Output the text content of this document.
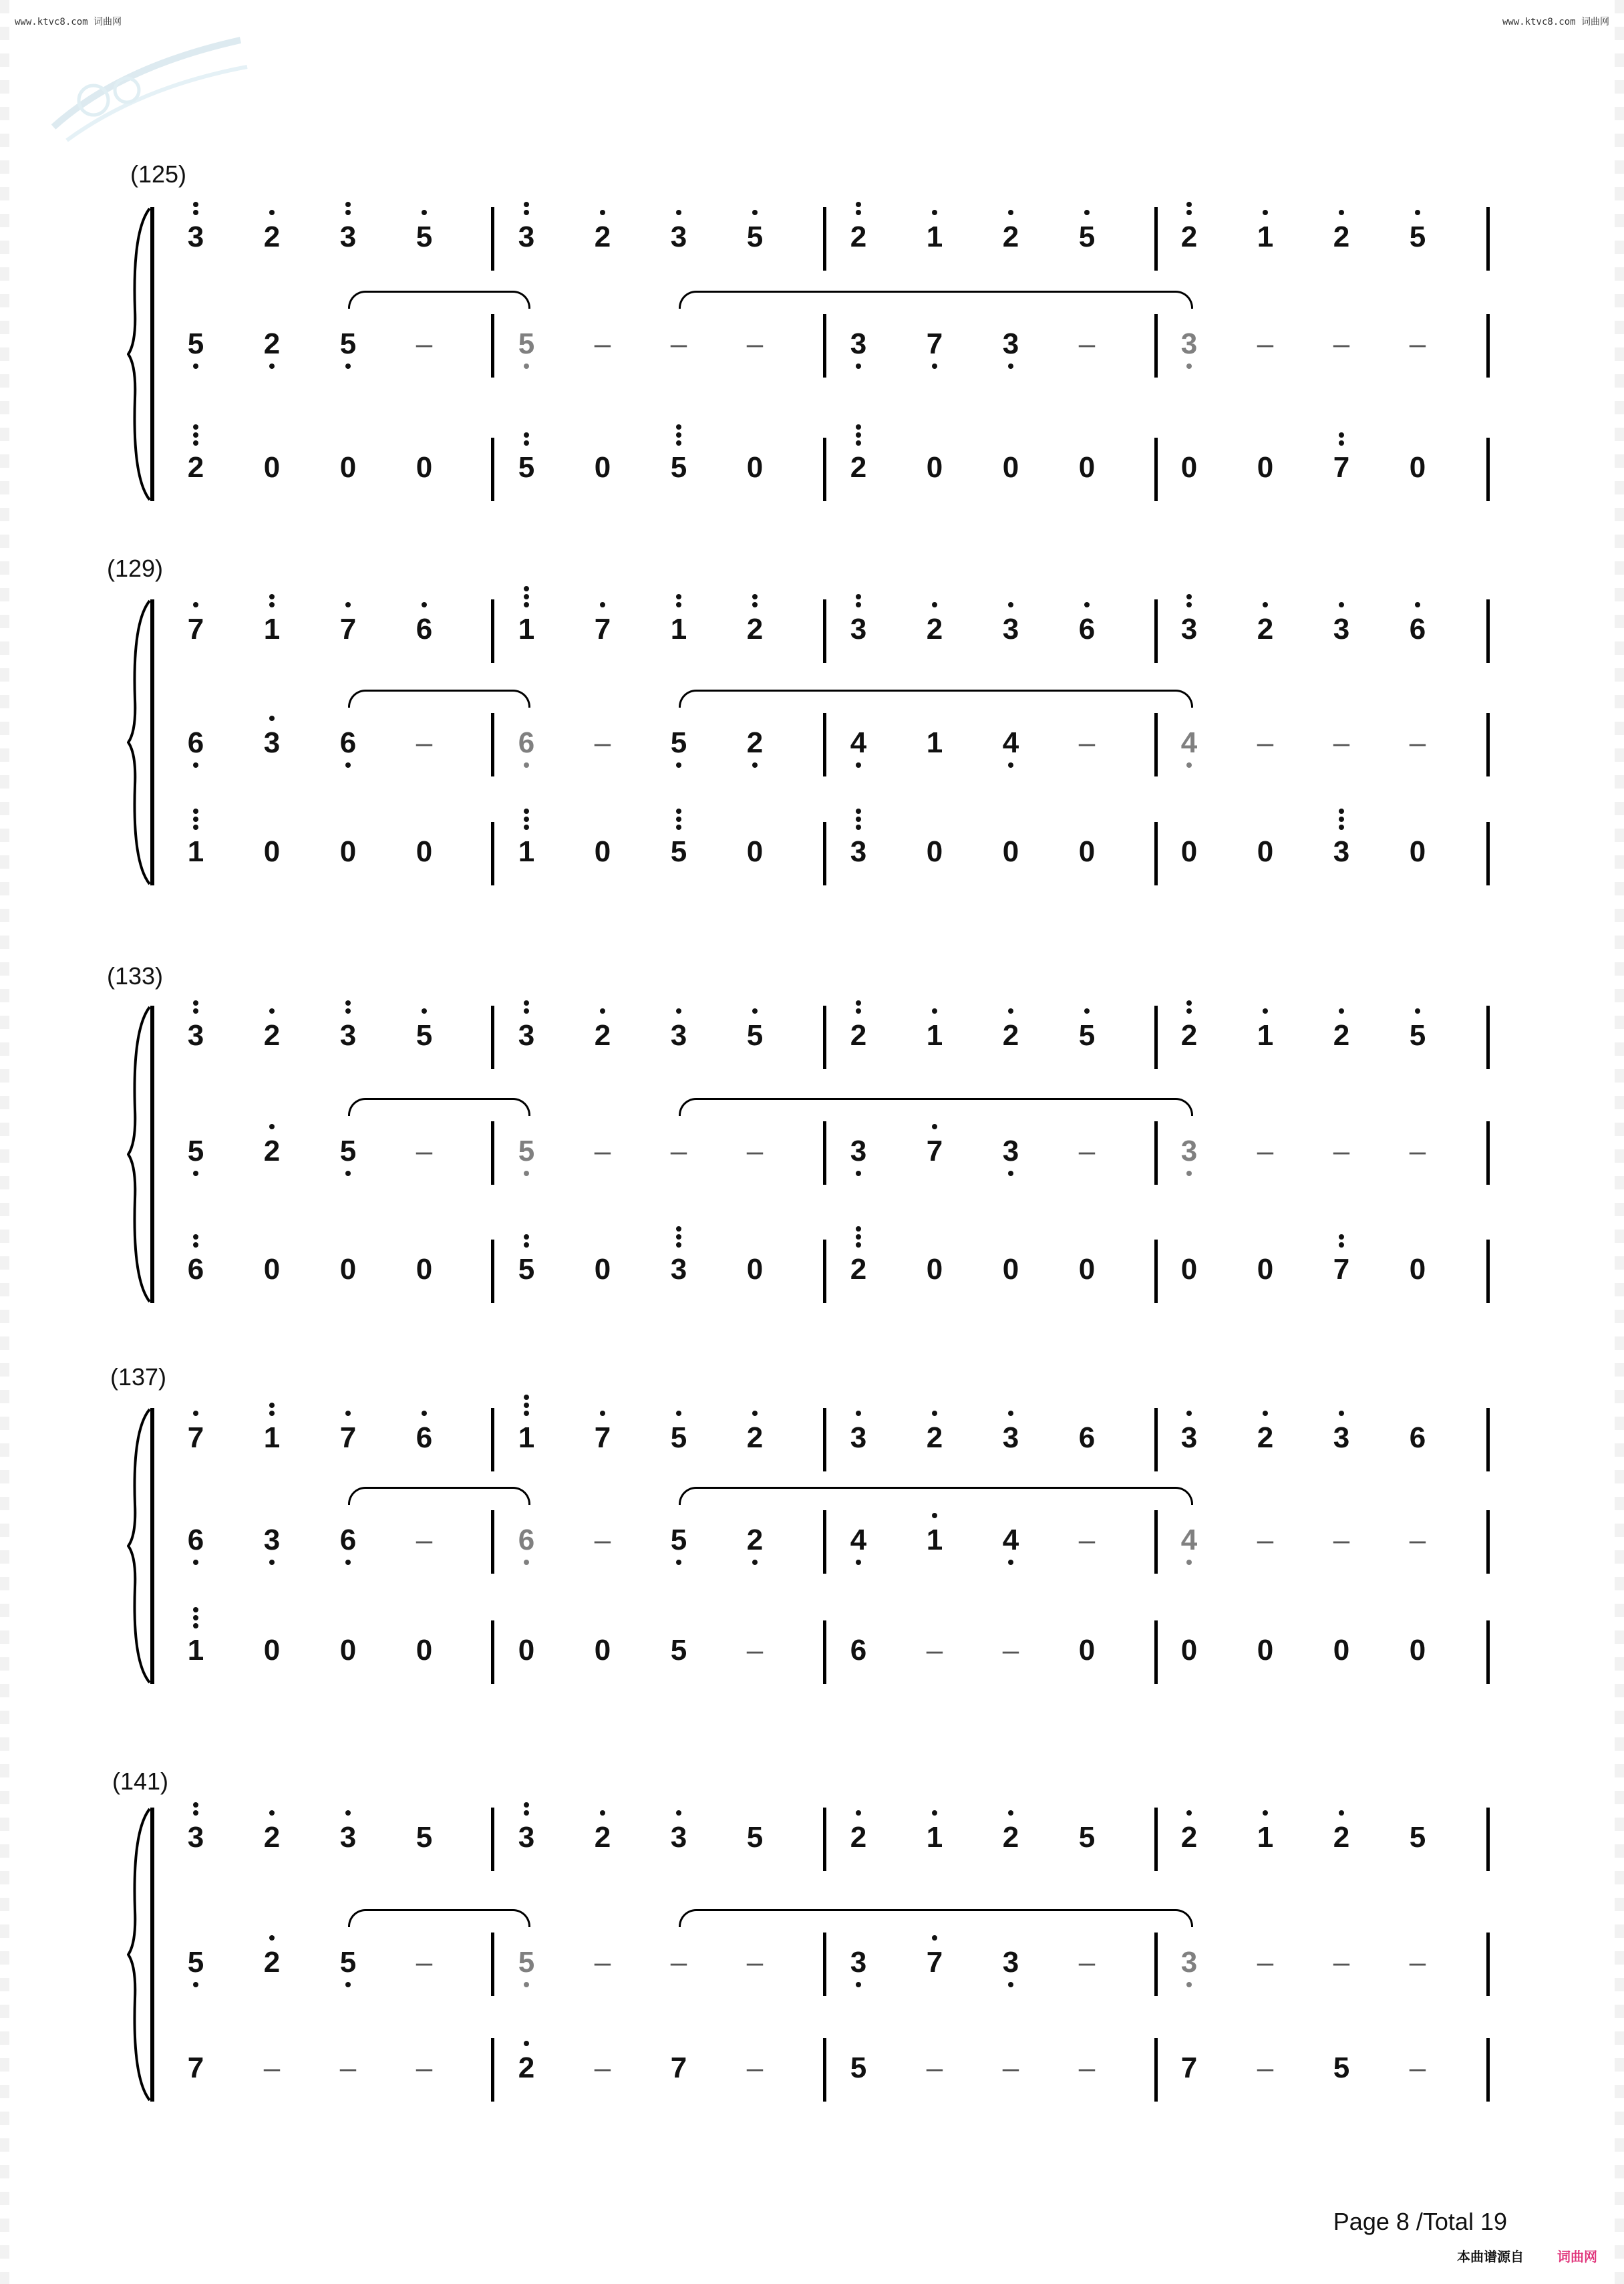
www.ktvc8.com 词曲网	www.ktvc8.com 词曲网
(125)
3	2	3	5	3	2	3	5	2	1	2	5	2	1	2	5
5	2	5	–	5	–	–	–	3	7	3	–	3	–	–	–
2	0	0	0	5	0	5	0	2	0	0	0	0	0	7	0
(129)
7	1	7	6	1	7	1	2	3	2	3	6	3	2	3	6
6	3	6	–	6	–	5	2	4	1	4	–	4	–	–	–
1	0	0	0	1	0	5	0	3	0	0	0	0	0	3	0
(133)
3	2	3	5	3	2	3	5	2	1	2	5	2	1	2	5
5	2	5	–	5	–	–	–	3	7	3	–	3	–	–	–
6	0	0	0	5	0	3	0	2	0	0	0	0	0	7	0
(137)
7	1	7	6	1	7	5	2	3	2	3	6	3	2	3	6
6	3	6	–	6	–	5	2	4	1	4	–	4	–	–	–
1	0	0	0	0	0	5	–	6	–	–	0	0	0	0	0
(141)
3	2	3	5	3	2	3	5	2	1	2	5	2	1	2	5
5	2	5	–	5	–	–	–	3	7	3	–	3	–	–	–
7	–	–	–	2	–	7	–	5	–	–	–	7	–	5	–
Page 8 /Total 19
本曲谱源自	词曲网
